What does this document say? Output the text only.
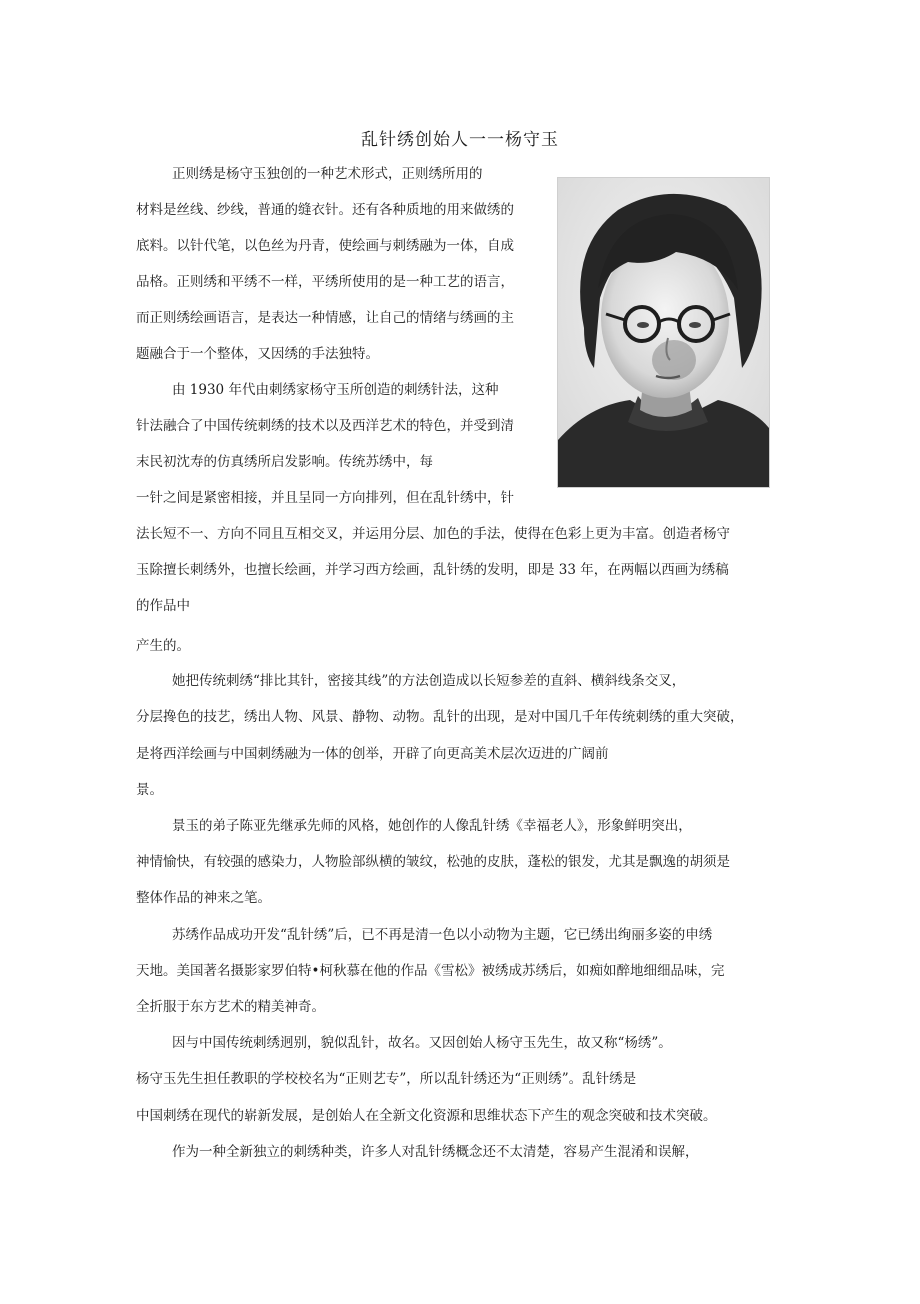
乱针绣创始人一一杨守玉
正则绣是杨守玉独创的一种艺术形式，正则绣所用的
材料是丝线、纱线，普通的缝衣针。还有各种质地的用来做绣的
底料。以针代笔，以色丝为丹青，使绘画与刺绣融为一体，自成
品格。正则绣和平绣不一样，平绣所使用的是一种工艺的语言，
而正则绣绘画语言，是表达一种情感，让自己的情绪与绣画的主
题融合于一个整体，又因绣的手法独特。
由 1930 年代由刺绣家杨守玉所创造的刺绣针法，这种
针法融合了中国传统刺绣的技术以及西洋艺术的特色，并受到清
末民初沈寿的仿真绣所启发影响。传统苏绣中，每
一针之间是紧密相接，并且呈同一方向排列，但在乱针绣中，针
法长短不一、方向不同且互相交叉，并运用分层、加色的手法，使得在色彩上更为丰富。创造者杨守
玉除擅长刺绣外，也擅长绘画，并学习西方绘画，乱针绣的发明，即是 33 年，在两幅以西画为绣稿
的作品中
产生的。
她把传统刺绣“排比其针，密接其线”的方法创造成以长短参差的直斜、横斜线条交叉，
分层搀色的技艺，绣出人物、风景、静物、动物。乱针的出现，是对中国几千年传统刺绣的重大突破，
是将西洋绘画与中国刺绣融为一体的创举，开辟了向更高美术层次迈进的广阔前
景。
景玉的弟子陈亚先继承先师的风格，她创作的人像乱针绣《幸福老人》，形象鲜明突出，
神情愉快，有较强的感染力，人物脸部纵横的皱纹，松弛的皮肤，蓬松的银发，尤其是飘逸的胡须是
整体作品的神来之笔。
苏绣作品成功开发“乱针绣”后，已不再是清一色以小动物为主题，它已绣出绚丽多姿的申绣
天地。美国著名摄影家罗伯特•柯秋慕在他的作品《雪松》被绣成苏绣后，如痴如醉地细细品味，完
全折服于东方艺术的精美神奇。
因与中国传统刺绣迥别，貌似乱针，故名。又因创始人杨守玉先生，故又称“杨绣”。
杨守玉先生担任教职的学校校名为“正则艺专”，所以乱针绣还为“正则绣”。乱针绣是
中国刺绣在现代的崭新发展，是创始人在全新文化资源和思维状态下产生的观念突破和技术突破。
作为一种全新独立的刺绣种类，许多人对乱针绣概念还不太清楚，容易产生混淆和误解，
